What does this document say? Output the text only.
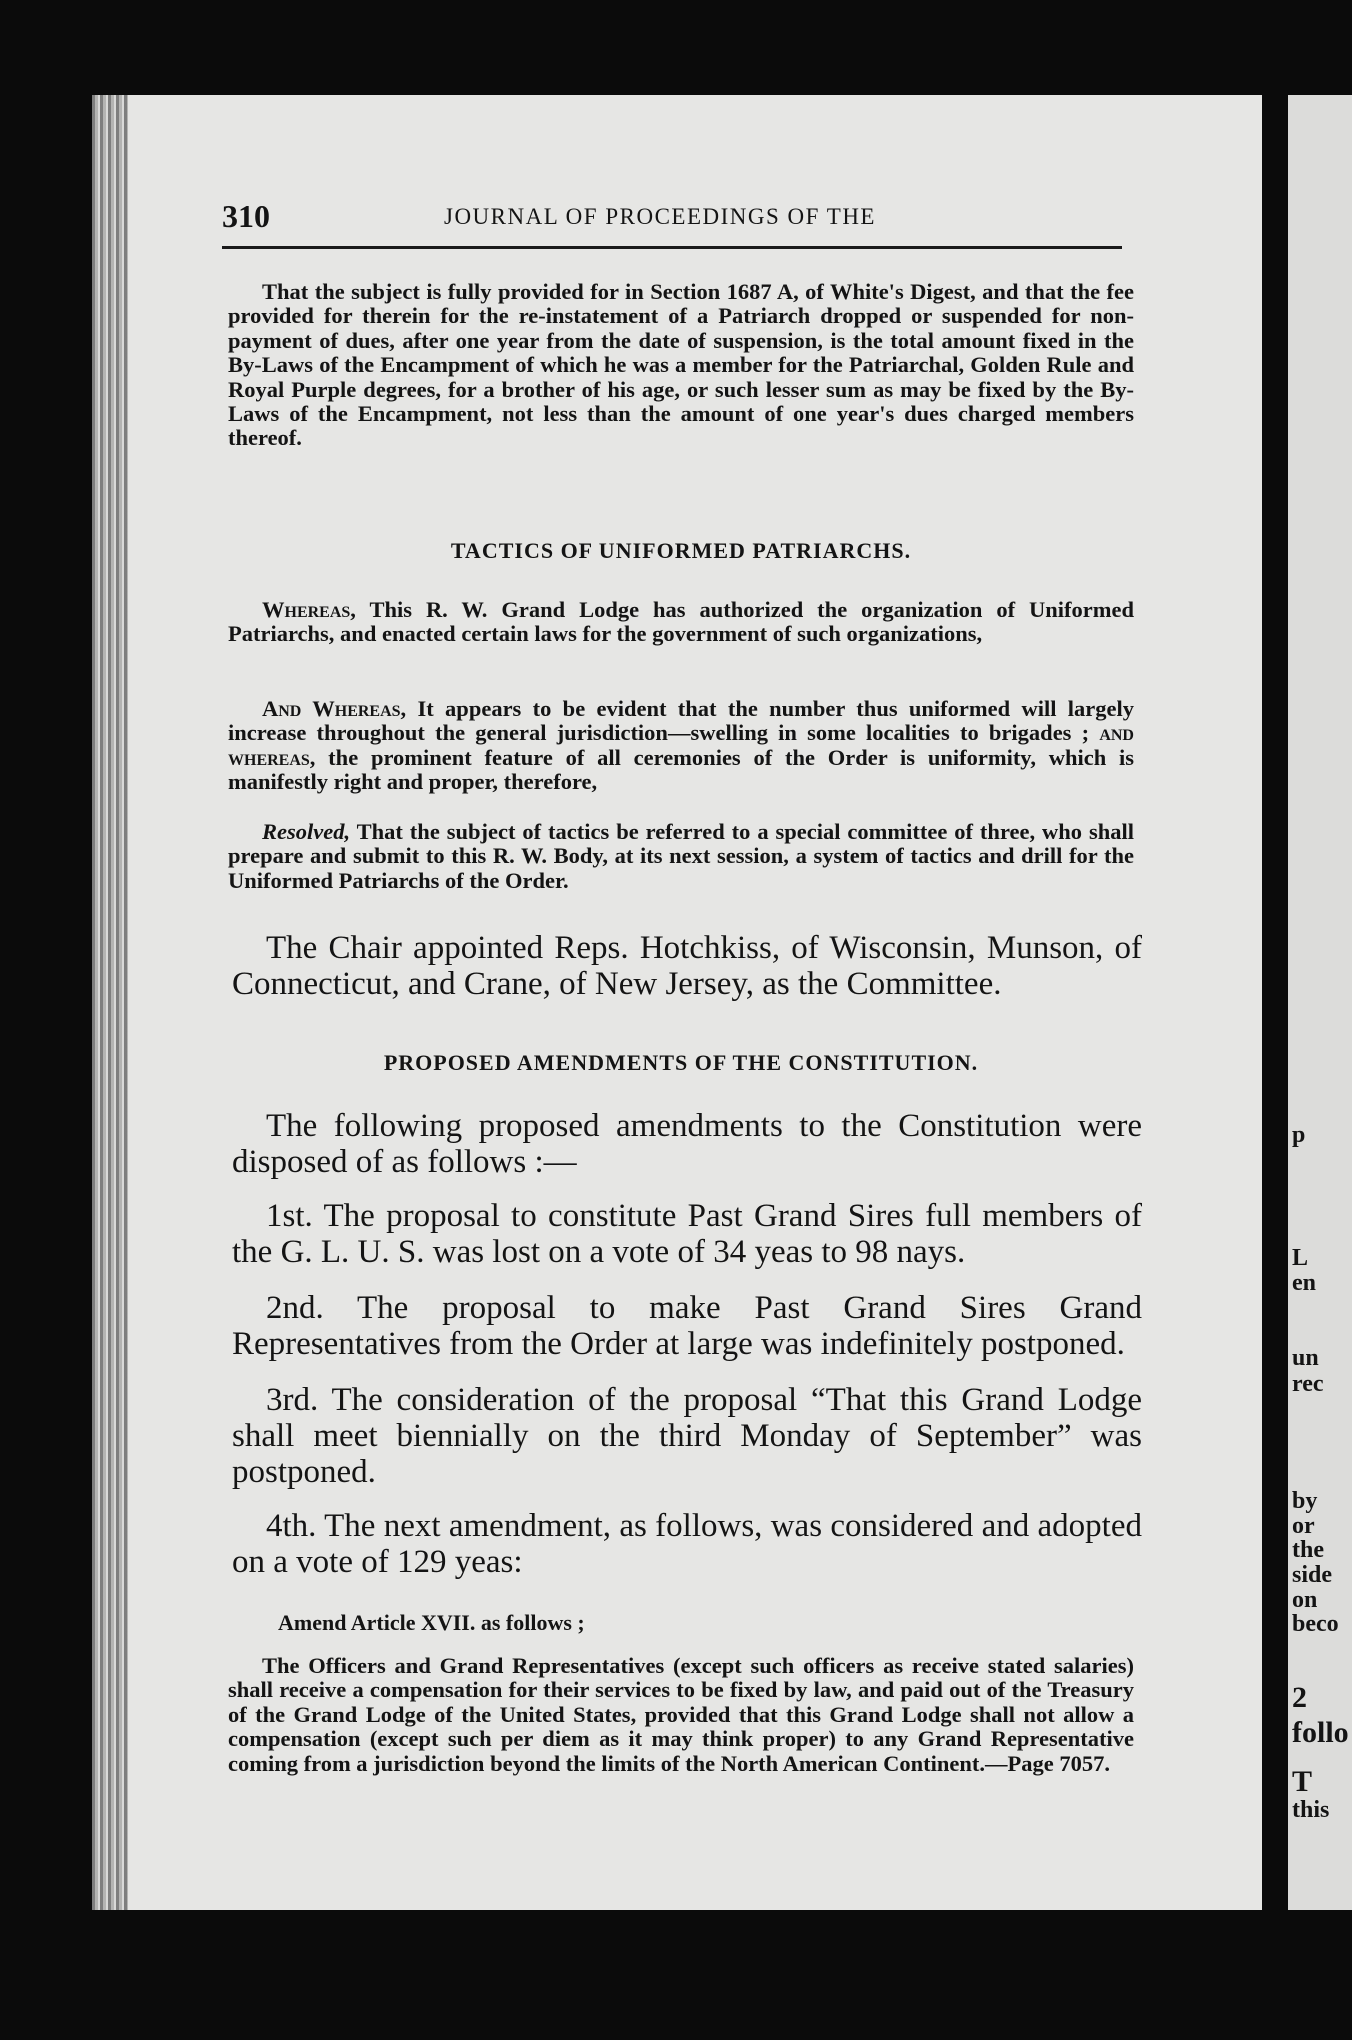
p
L
en
un
rec
by
or
the
side
on
beco
2
follo
T
this
310	JOURNAL OF PROCEEDINGS OF THE

That the subject is fully provided for in Section 1687 A, of White's Digest, and that the fee provided for therein for the re-instatement of a Patriarch dropped or suspended for non-payment of dues, after one year from the date of suspension, is the total amount fixed in the By-Laws of the Encampment of which he was a member for the Patriarchal, Golden Rule and Royal Purple degrees, for a brother of his age, or such lesser sum as may be fixed by the By-Laws of the Encampment, not less than the amount of one year's dues charged members thereof.

TACTICS OF UNIFORMED PATRIARCHS.

Whereas, This R. W. Grand Lodge has authorized the organization of Uniformed Patriarchs, and enacted certain laws for the government of such organizations,

And Whereas, It appears to be evident that the number thus uniformed will largely increase throughout the general jurisdiction—swelling in some localities to brigades ; and whereas, the prominent feature of all ceremonies of the Order is uniformity, which is manifestly right and proper, therefore,

Resolved, That the subject of tactics be referred to a special committee of three, who shall prepare and submit to this R. W. Body, at its next session, a system of tactics and drill for the Uniformed Patriarchs of the Order.

The Chair appointed Reps. Hotchkiss, of Wisconsin, Munson, of Connecticut, and Crane, of New Jersey, as the Committee.

PROPOSED AMENDMENTS OF THE CONSTITUTION.

The following proposed amendments to the Constitution were disposed of as follows :—

1st. The proposal to constitute Past Grand Sires full members of the G. L. U. S. was lost on a vote of 34 yeas to 98 nays.

2nd. The proposal to make Past Grand Sires Grand Representatives from the Order at large was indefinitely postponed.

3rd. The consideration of the proposal “That this Grand Lodge shall meet biennially on the third Monday of September” was postponed.

4th. The next amendment, as follows, was considered and adopted on a vote of 129 yeas:

Amend Article XVII. as follows ;

The Officers and Grand Representatives (except such officers as receive stated salaries) shall receive a compensation for their services to be fixed by law, and paid out of the Treasury of the Grand Lodge of the United States, provided that this Grand Lodge shall not allow a compensation (except such per diem as it may think proper) to any Grand Representative coming from a jurisdiction beyond the limits of the North American Continent.—Page 7057.
